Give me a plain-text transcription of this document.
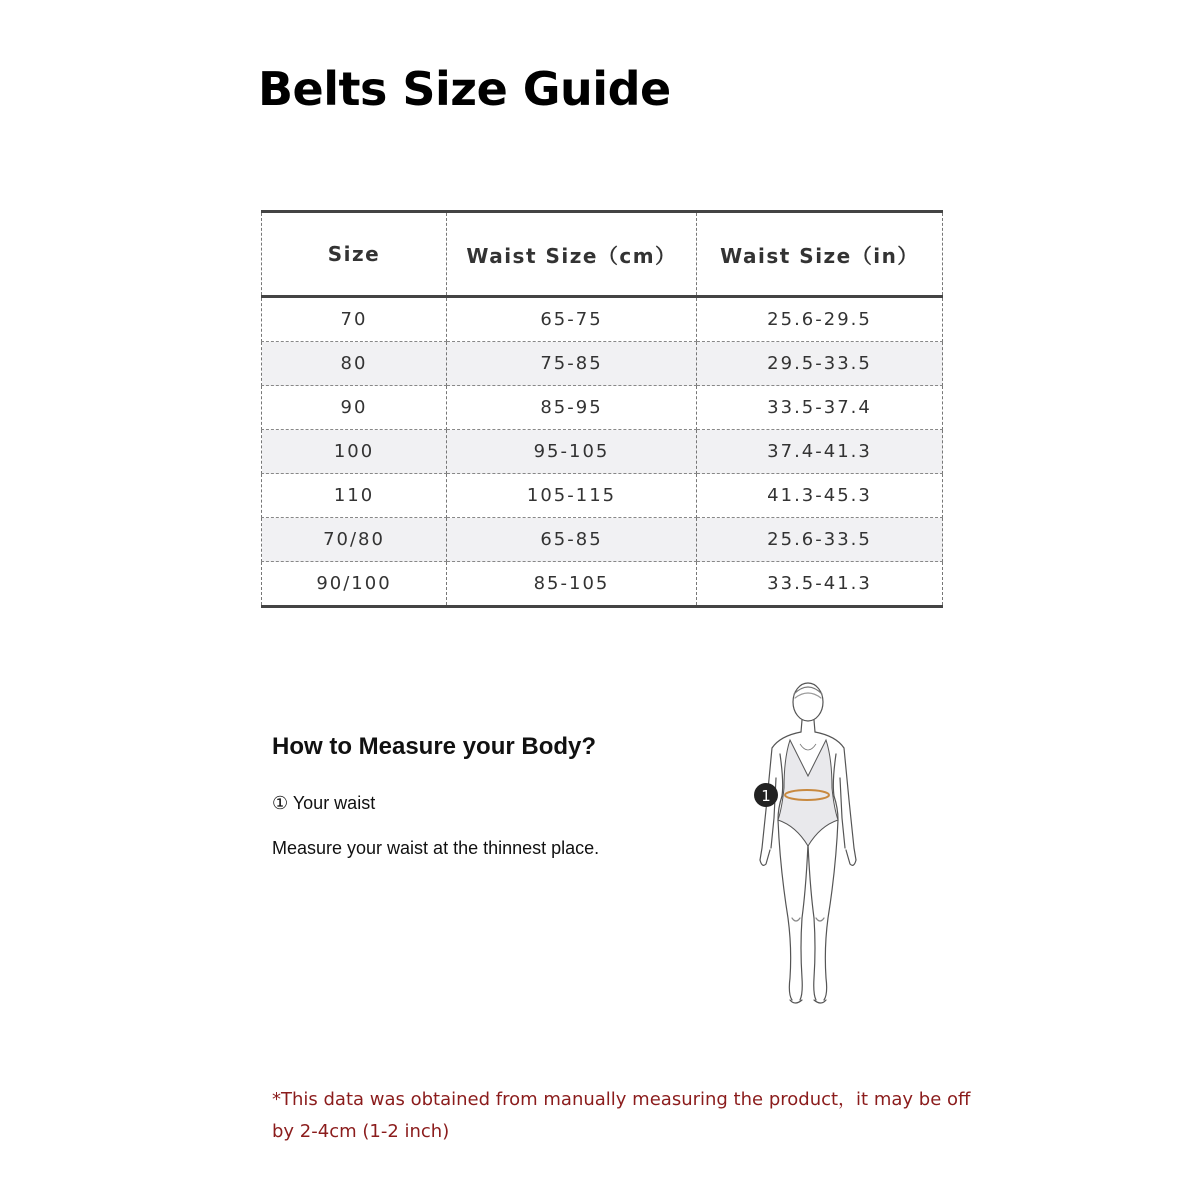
Belts Size Guide
Size	Waist Size（cm）	Waist Size（in）
70	65-75	25.6-29.5
80	75-85	29.5-33.5
90	85-95	33.5-37.4
100	95-105	37.4-41.3
110	105-115	41.3-45.3
70/80	65-85	25.6-33.5
90/100	85-105	33.5-41.3
How to Measure your Body?
① Your waist
Measure your waist at the thinnest place.
1
*This data was obtained from manually measuring the product，it may be off by 2-4cm (1-2 inch)
